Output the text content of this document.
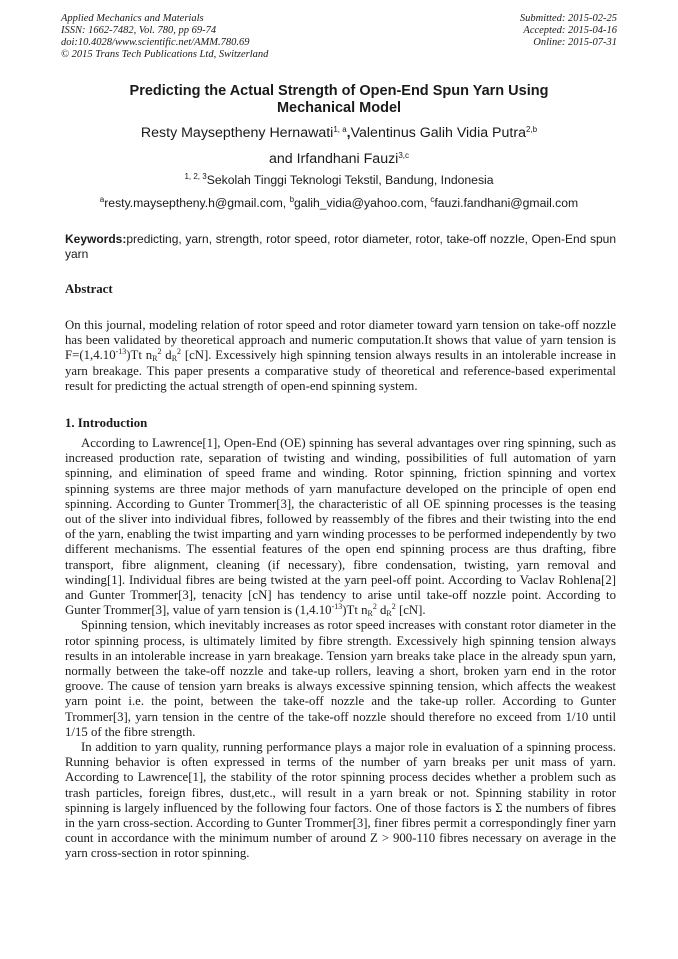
Applied Mechanics and Materials
ISSN: 1662-7482, Vol. 780, pp 69-74
doi:10.4028/www.scientific.net/AMM.780.69
© 2015 Trans Tech Publications Ltd, Switzerland
Submitted: 2015-02-25
Accepted: 2015-04-16
Online: 2015-07-31
Predicting the Actual Strength of Open-End Spun Yarn Using
Mechanical Model
Resty Mayseptheny Hernawati$^{1, a}$,Valentinus Galih Vidia Putra$^{2,b}$
and Irfandhani Fauzi$^{3,c}$
$^{1, 2, 3}$Sekolah Tinggi Teknologi Tekstil, Bandung, Indonesia
$^a$resty.mayseptheny.h@gmail.com, $^b$galih_vidia@yahoo.com, $^c$fauzi.fandhani@gmail.com
Keywords:predicting, yarn, strength, rotor speed, rotor diameter, rotor, take-off nozzle, Open-End spun yarn
Abstract
On this journal, modeling relation of rotor speed and rotor diameter toward yarn tension on take-off nozzle has been validated by theoretical approach and numeric computation.It shows that value of yarn tension is $F=(1,4.10^{-13})Tt$ $n_R^2$ $d_R^2$ [cN]. Excessively high spinning tension always results in an intolerable increase in yarn breakage. This paper presents a comparative study of theoretical and reference-based experimental result for predicting the actual strength of open-end spinning system.
1. Introduction

According to Lawrence[1], Open-End (OE) spinning has several advantages over ring spinning, such as increased production rate, separation of twisting and winding, possibilities of full automation of yarn spinning, and elimination of speed frame and winding. Rotor spinning, friction spinning and vortex spinning systems are three major methods of yarn manufacture developed on the principle of open end spinning. According to Gunter Trommer[3], the characteristic of all OE spinning processes is the teasing out of the sliver into individual fibres, followed by reassembly of the fibres and their twisting into the end of the yarn, enabling the twist imparting and yarn winding processes to be performed independently by two different mechanisms. The essential features of the open end spinning process are thus drafting, fibre transport, fibre alignment, cleaning (if necessary), fibre condensation, twisting, yarn removal and winding[1]. Individual fibres are being twisted at the yarn peel-off point. According to Vaclav Rohlena[2] and Gunter Trommer[3], tenacity [cN] has tendency to arise until take-off nozzle point. According to Gunter Trommer[3], value of yarn tension is $(1,4.10^{-13})Tt$ $n_R^2$ $d_R^2$ [cN].

Spinning tension, which inevitably increases as rotor speed increases with constant rotor diameter in the rotor spinning process, is ultimately limited by fibre strength. Excessively high spinning tension always results in an intolerable increase in yarn breakage. Tension yarn breaks take place in the already spun yarn, normally between the take-off nozzle and take-up rollers, leaving a short, broken yarn end in the rotor groove. The cause of tension yarn breaks is always excessive spinning tension, which affects the weakest yarn point i.e. the point, between the take-off nozzle and the take-up roller. According to Gunter Trommer[3], yarn tension in the centre of the take-off nozzle should therefore no exceed from 1/10 until 1/15 of the fibre strength.

In addition to yarn quality, running performance plays a major role in evaluation of a spinning process. Running behavior is often expressed in terms of the number of yarn breaks per unit mass of yarn. According to Lawrence[1], the stability of the rotor spinning process decides whether a problem such as trash particles, foreign fibres, dust,etc., will result in a yarn break or not. Spinning stability in rotor spinning is largely influenced by the following four factors. One of those factors is Σ the numbers of fibres in the yarn cross-section. According to Gunter Trommer[3], finer fibres permit a correspondingly finer yarn count in accordance with the minimum number of around Z > 900-110 fibres necessary on average in the yarn cross-section in rotor spinning.
